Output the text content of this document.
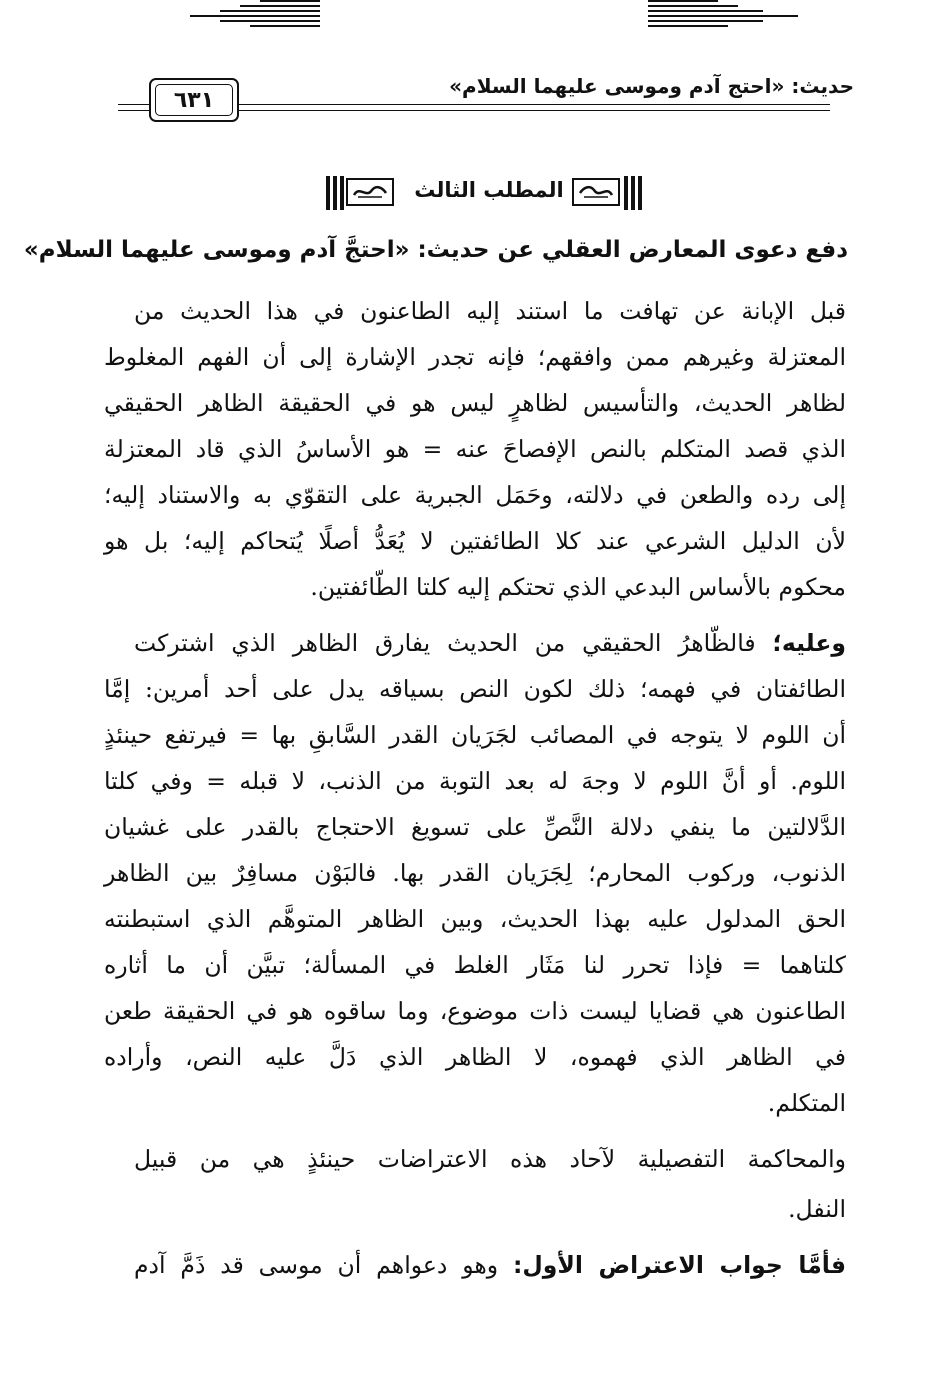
حديث: «احتج آدم وموسى عليهما السلام»
٦٣١
المطلب الثالث
دفع دعوى المعارض العقلي عن حديث: «احتجَّ آدم وموسى عليهما السلام»
قبل الإبانة عن تهافت ما استند إليه الطاعنون في هذا الحديث من
المعتزلة وغيرهم ممن وافقهم؛ فإنه تجدر الإشارة إلى أن الفهم المغلوط
لظاهر الحديث، والتأسيس لظاهرٍ ليس هو في الحقيقة الظاهر الحقيقي
الذي قصد المتكلم بالنص الإفصاحَ عنه = هو الأساسُ الذي قاد المعتزلة
إلى رده والطعن في دلالته، وحَمَل الجبرية على التقوّي به والاستناد إليه؛
لأن الدليل الشرعي عند كلا الطائفتين لا يُعَدُّ أصلًا يُتحاكم إليه؛ بل هو
محكوم بالأساس البدعي الذي تحتكم إليه كلتا الطّائفتين.
وعليه؛ فالظّاهرُ الحقيقي من الحديث يفارق الظاهر الذي اشتركت
الطائفتان في فهمه؛ ذلك لكون النص بسياقه يدل على أحد أمرين: إمَّا
أن اللوم لا يتوجه في المصائب لجَرَيان القدر السَّابقِ بها = فيرتفع حينئذٍ
اللوم. أو أنَّ اللوم لا وجهَ له بعد التوبة من الذنب، لا قبله = وفي كلتا
الدَّلالتين ما ينفي دلالة النَّصِّ على تسويغ الاحتجاج بالقدر على غشيان
الذنوب، وركوب المحارم؛ لِجَرَيان القدر بها. فالبَوْن مسافِرٌ بين الظاهر
الحق المدلول عليه بهذا الحديث، وبين الظاهر المتوهَّم الذي استبطنته
كلتاهما = فإذا تحرر لنا مَثَار الغلط في المسألة؛ تبيَّن أن ما أثاره
الطاعنون هي قضايا ليست ذات موضوع، وما ساقوه هو في الحقيقة طعن
في الظاهر الذي فهموه، لا الظاهر الذي دَلَّ عليه النص، وأراده
المتكلم.
والمحاكمة التفصيلية لآحاد هذه الاعتراضات حينئذٍ هي من قبيل
النفل.
فأمَّا جواب الاعتراض الأول: وهو دعواهم أن موسى قد ذَمَّ آدم
